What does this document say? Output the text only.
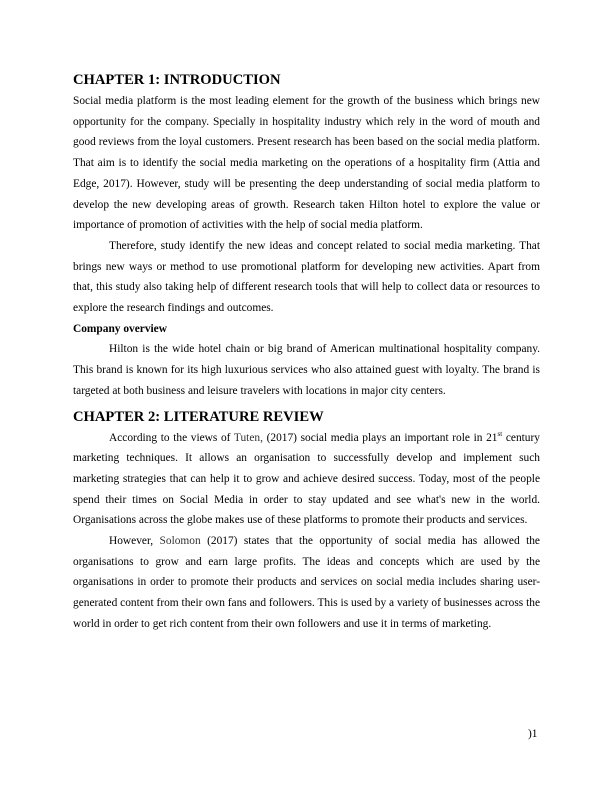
CHAPTER 1: INTRODUCTION

Social media platform is the most leading element for the growth of the business which brings new opportunity for the company. Specially in hospitality industry which rely in the word of mouth and good reviews from the loyal customers. Present research has been based on the social media platform. That aim is to identify the social media marketing on the operations of a hospitality firm (Attia and Edge, 2017). However, study will be presenting the deep understanding of social media platform to develop the new developing areas of growth. Research taken Hilton hotel to explore the value or importance of promotion of activities with the help of social media platform.

Therefore, study identify the new ideas and concept related to social media marketing. That brings new ways or method to use promotional platform for developing new activities. Apart from that, this study also taking help of different research tools that will help to collect data or resources to explore the research findings and outcomes.

Company overview

Hilton is the wide hotel chain or big brand of American multinational hospitality company. This brand is known for its high luxurious services who also attained guest with loyalty. The brand is targeted at both business and leisure travelers with locations in major city centers.

CHAPTER 2: LITERATURE REVIEW

According to the views of Tuten, (2017) social media plays an important role in 21st century marketing techniques. It allows an organisation to successfully develop and implement such marketing strategies that can help it to grow and achieve desired success. Today, most of the people spend their times on Social Media in order to stay updated and see what's new in the world. Organisations across the globe makes use of these platforms to promote their products and services.

However, Solomon (2017) states that the opportunity of social media has allowed the organisations to grow and earn large profits. The ideas and concepts which are used by the organisations in order to promote their products and services on social media includes sharing user-generated content from their own fans and followers. This is used by a variety of businesses across the world in order to get rich content from their own followers and use it in terms of marketing.

)1
